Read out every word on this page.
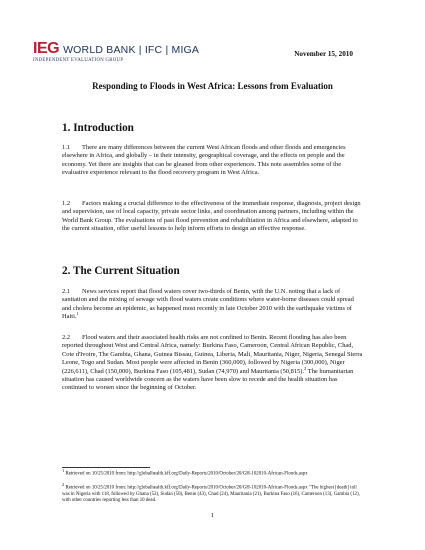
IEG WORLD BANK | IFC | MIGA
INDEPENDENT EVALUATION GROUP
November 15, 2010
Responding to Floods in West Africa: Lessons from Evaluation
1. Introduction
1.1 There are many differences between the current West African floods and other floods and emergencies elsewhere in Africa, and globally – in their intensity, geographical coverage, and the effects on people and the economy. Yet there are insights that can be gleaned from other experiences. This note assembles some of the evaluative experience relevant to the flood recovery program in West Africa.
1.2 Factors making a crucial difference to the effectiveness of the immediate response, diagnosis, project design and supervision, use of local capacity, private sector links, and coordination among partners, including within the World Bank Group. The evaluations of past flood prevention and rehabilitation in Africa and elsewhere, adapted to the current situation, offer useful lessons to help inform efforts to design an effective response.
2. The Current Situation
2.1 News services report that flood waters cover two-thirds of Benin, with the U.N. noting that a lack of sanitation and the mixing of sewage with flood waters create conditions where water-borne diseases could spread and cholera become an epidemic, as happened most recently in late October 2010 with the earthquake victims of Haiti.$^1$
2.2 Flood waters and their associated health risks are not confined to Benin. Recent flooding has also been reported throughout West and Central Africa, namely: Burkina Faso, Cameroon, Central African Republic, Chad, Cote d'Ivoire, The Gambia, Ghana, Guinea Bissau, Guinea, Liberia, Mali, Mauritania, Niger, Nigeria, Senegal Sierra Leone, Togo and Sudan. Most people were affected in Benin (360,000), followed by Nigeria (300,000), Niger (226,611), Chad (150,000), Burkina Faso (105,481), Sudan (74,970) and Mauritania (50,815).$^2$ The humanitarian situation has caused worldwide concern as the waters have been slow to recede and the health situation has continued to worsen since the beginning of October.
$^1$ Retrieved on 10/25/2010 from: http://globalhealth.kff.org/Daily-Reports/2010/October/20/GH-102010-African-Floods.aspx
$^2$ Retrieved on 10/25/2010 from: http://globalhealth.kff.org/Daily-Reports/2010/October/20/GH-102010-African-Floods.aspx "The highest [death] toll was in Nigeria with 118, followed by Ghana (52), Sudan (50), Benin (43), Chad (24), Mauritania (21), Burkina Faso (16), Cameroon (13), Gambia (12), with other countries reporting less than 10 dead.
1
